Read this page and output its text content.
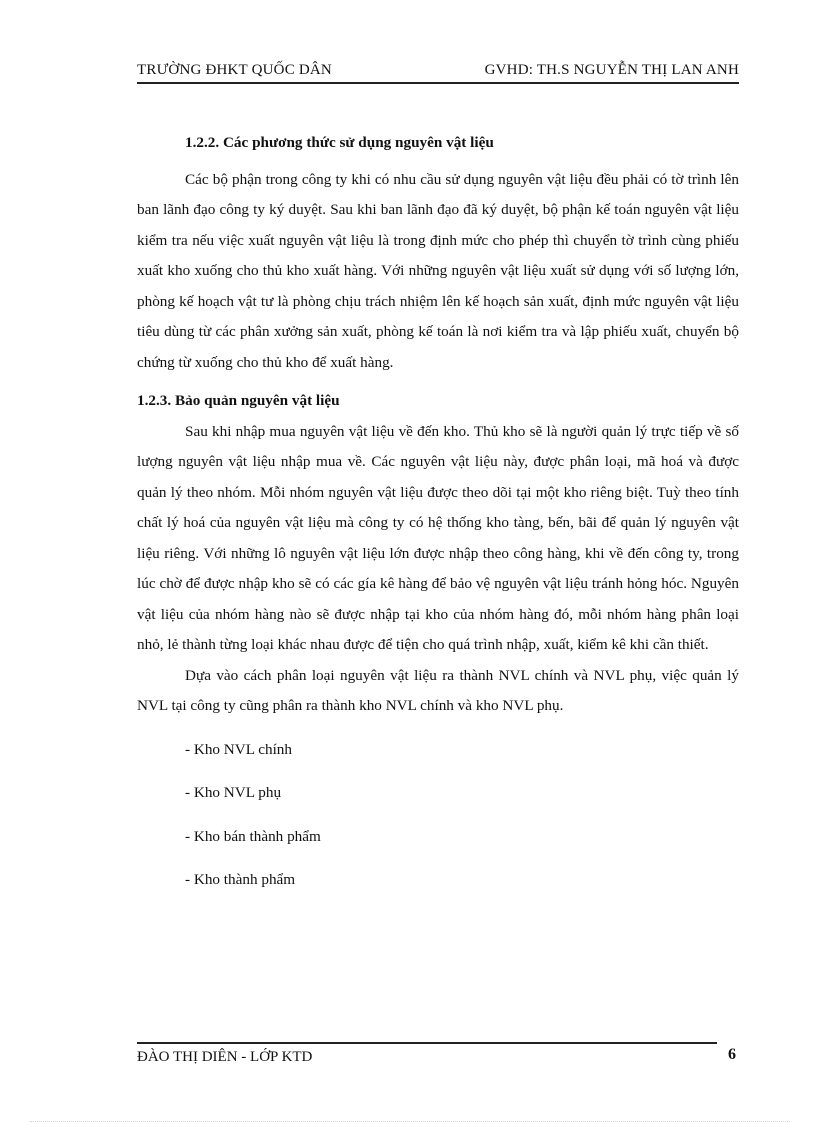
TRƯỜNG ĐHKT QUỐC DÂN	GVHD: TH.S NGUYỄN THỊ LAN ANH

1.2.2. Các phương thức sử dụng nguyên vật liệu

Các bộ phận trong công ty khi có nhu cầu sử dụng nguyên vật liệu đều phải có tờ trình lên ban lãnh đạo công ty ký duyệt. Sau khi ban lãnh đạo đã ký duyệt, bộ phận kế toán nguyên vật liệu kiểm tra nếu việc xuất nguyên vật liệu là trong định mức cho phép thì chuyển tờ trình cùng phiếu xuất kho xuống cho thủ kho xuất hàng. Với những nguyên vật liệu xuất sử dụng với số lượng lớn, phòng kế hoạch vật tư là phòng chịu trách nhiệm lên kế hoạch sản xuất, định mức nguyên vật liệu tiêu dùng từ các phân xưởng sản xuất, phòng kế toán là nơi kiểm tra và lập phiếu xuất, chuyển bộ chứng từ xuống cho thủ kho để xuất hàng.

1.2.3. Bảo quản nguyên vật liệu

Sau khi nhập mua nguyên vật liệu về đến kho. Thủ kho sẽ là người quản lý trực tiếp về số lượng nguyên vật liệu nhập mua về. Các nguyên vật liệu này, được phân loại, mã hoá và được quản lý theo nhóm. Mỗi nhóm nguyên vật liệu được theo dõi tại một kho riêng biệt. Tuỳ theo tính chất lý hoá của nguyên vật liệu mà công ty có hệ thống kho tàng, bến, bãi để quản lý nguyên vật liệu riêng. Với những lô nguyên vật liệu lớn được nhập theo công hàng, khi về đến công ty, trong lúc chờ để được nhập kho sẽ có các gía kê hàng để bảo vệ nguyên vật liệu tránh hỏng hóc. Nguyên vật liệu của nhóm hàng nào sẽ được nhập tại kho của nhóm hàng đó, mỗi nhóm hàng phân loại nhỏ, lẻ thành từng loại khác nhau được để tiện cho quá trình nhập, xuất, kiểm kê khi cần thiết.

Dựa vào cách phân loại nguyên vật liệu ra thành NVL chính và NVL phụ, việc quản lý NVL tại công ty cũng phân ra thành kho NVL chính và kho NVL phụ.

- Kho NVL chính

- Kho NVL phụ

- Kho bán thành phẩm

- Kho thành phẩm

ĐÀO THỊ DIÊN - LỚP KTD	6
